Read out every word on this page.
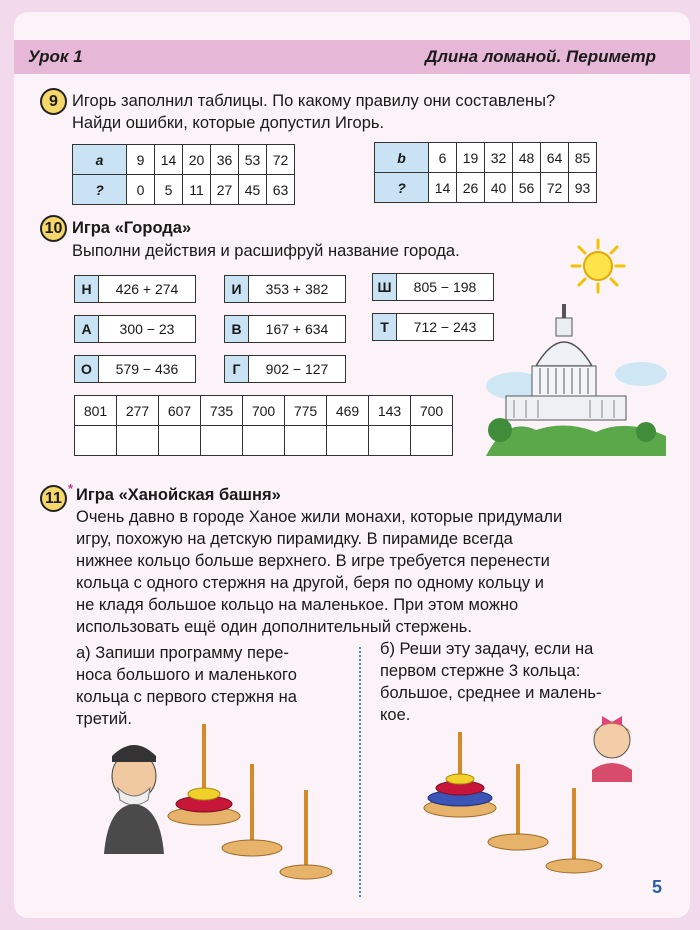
Урок 1	Длина ломаной. Периметр
9 Игорь заполнил таблицы. По какому правилу они составлены?
Найди ошибки, которые допустил Игорь.
a	9	14	20	36	53	72
?	0	5	11	27	45	63
b	6	19	32	48	64	85
?	14	26	40	56	72	93
10 Игра «Города»
Выполни действия и расшифруй название города.
Н	426 + 274	И	353 + 382	Ш	805 − 198
А	300 − 23	В	167 + 634	Т	712 − 243
О	579 − 436	Г	902 − 127
801	277	607	735	700	775	469	143	700

11 * Игра «Ханойская башня»
Очень давно в городе Ханое жили монахи, которые придумали
игру, похожую на детскую пирамидку. В пирамиде всегда
нижнее кольцо больше верхнего. В игре требуется перенести
кольца с одного стержня на другой, беря по одному кольцу и
не кладя большое кольцо на маленькое. При этом можно
использовать ещё один дополнительный стержень.
а) Запиши программу пере-
носа большого и маленького
кольца с первого стержня на
третий.
б) Реши эту задачу, если на
первом стержне 3 кольца:
большое, среднее и малень-
кое.
5
